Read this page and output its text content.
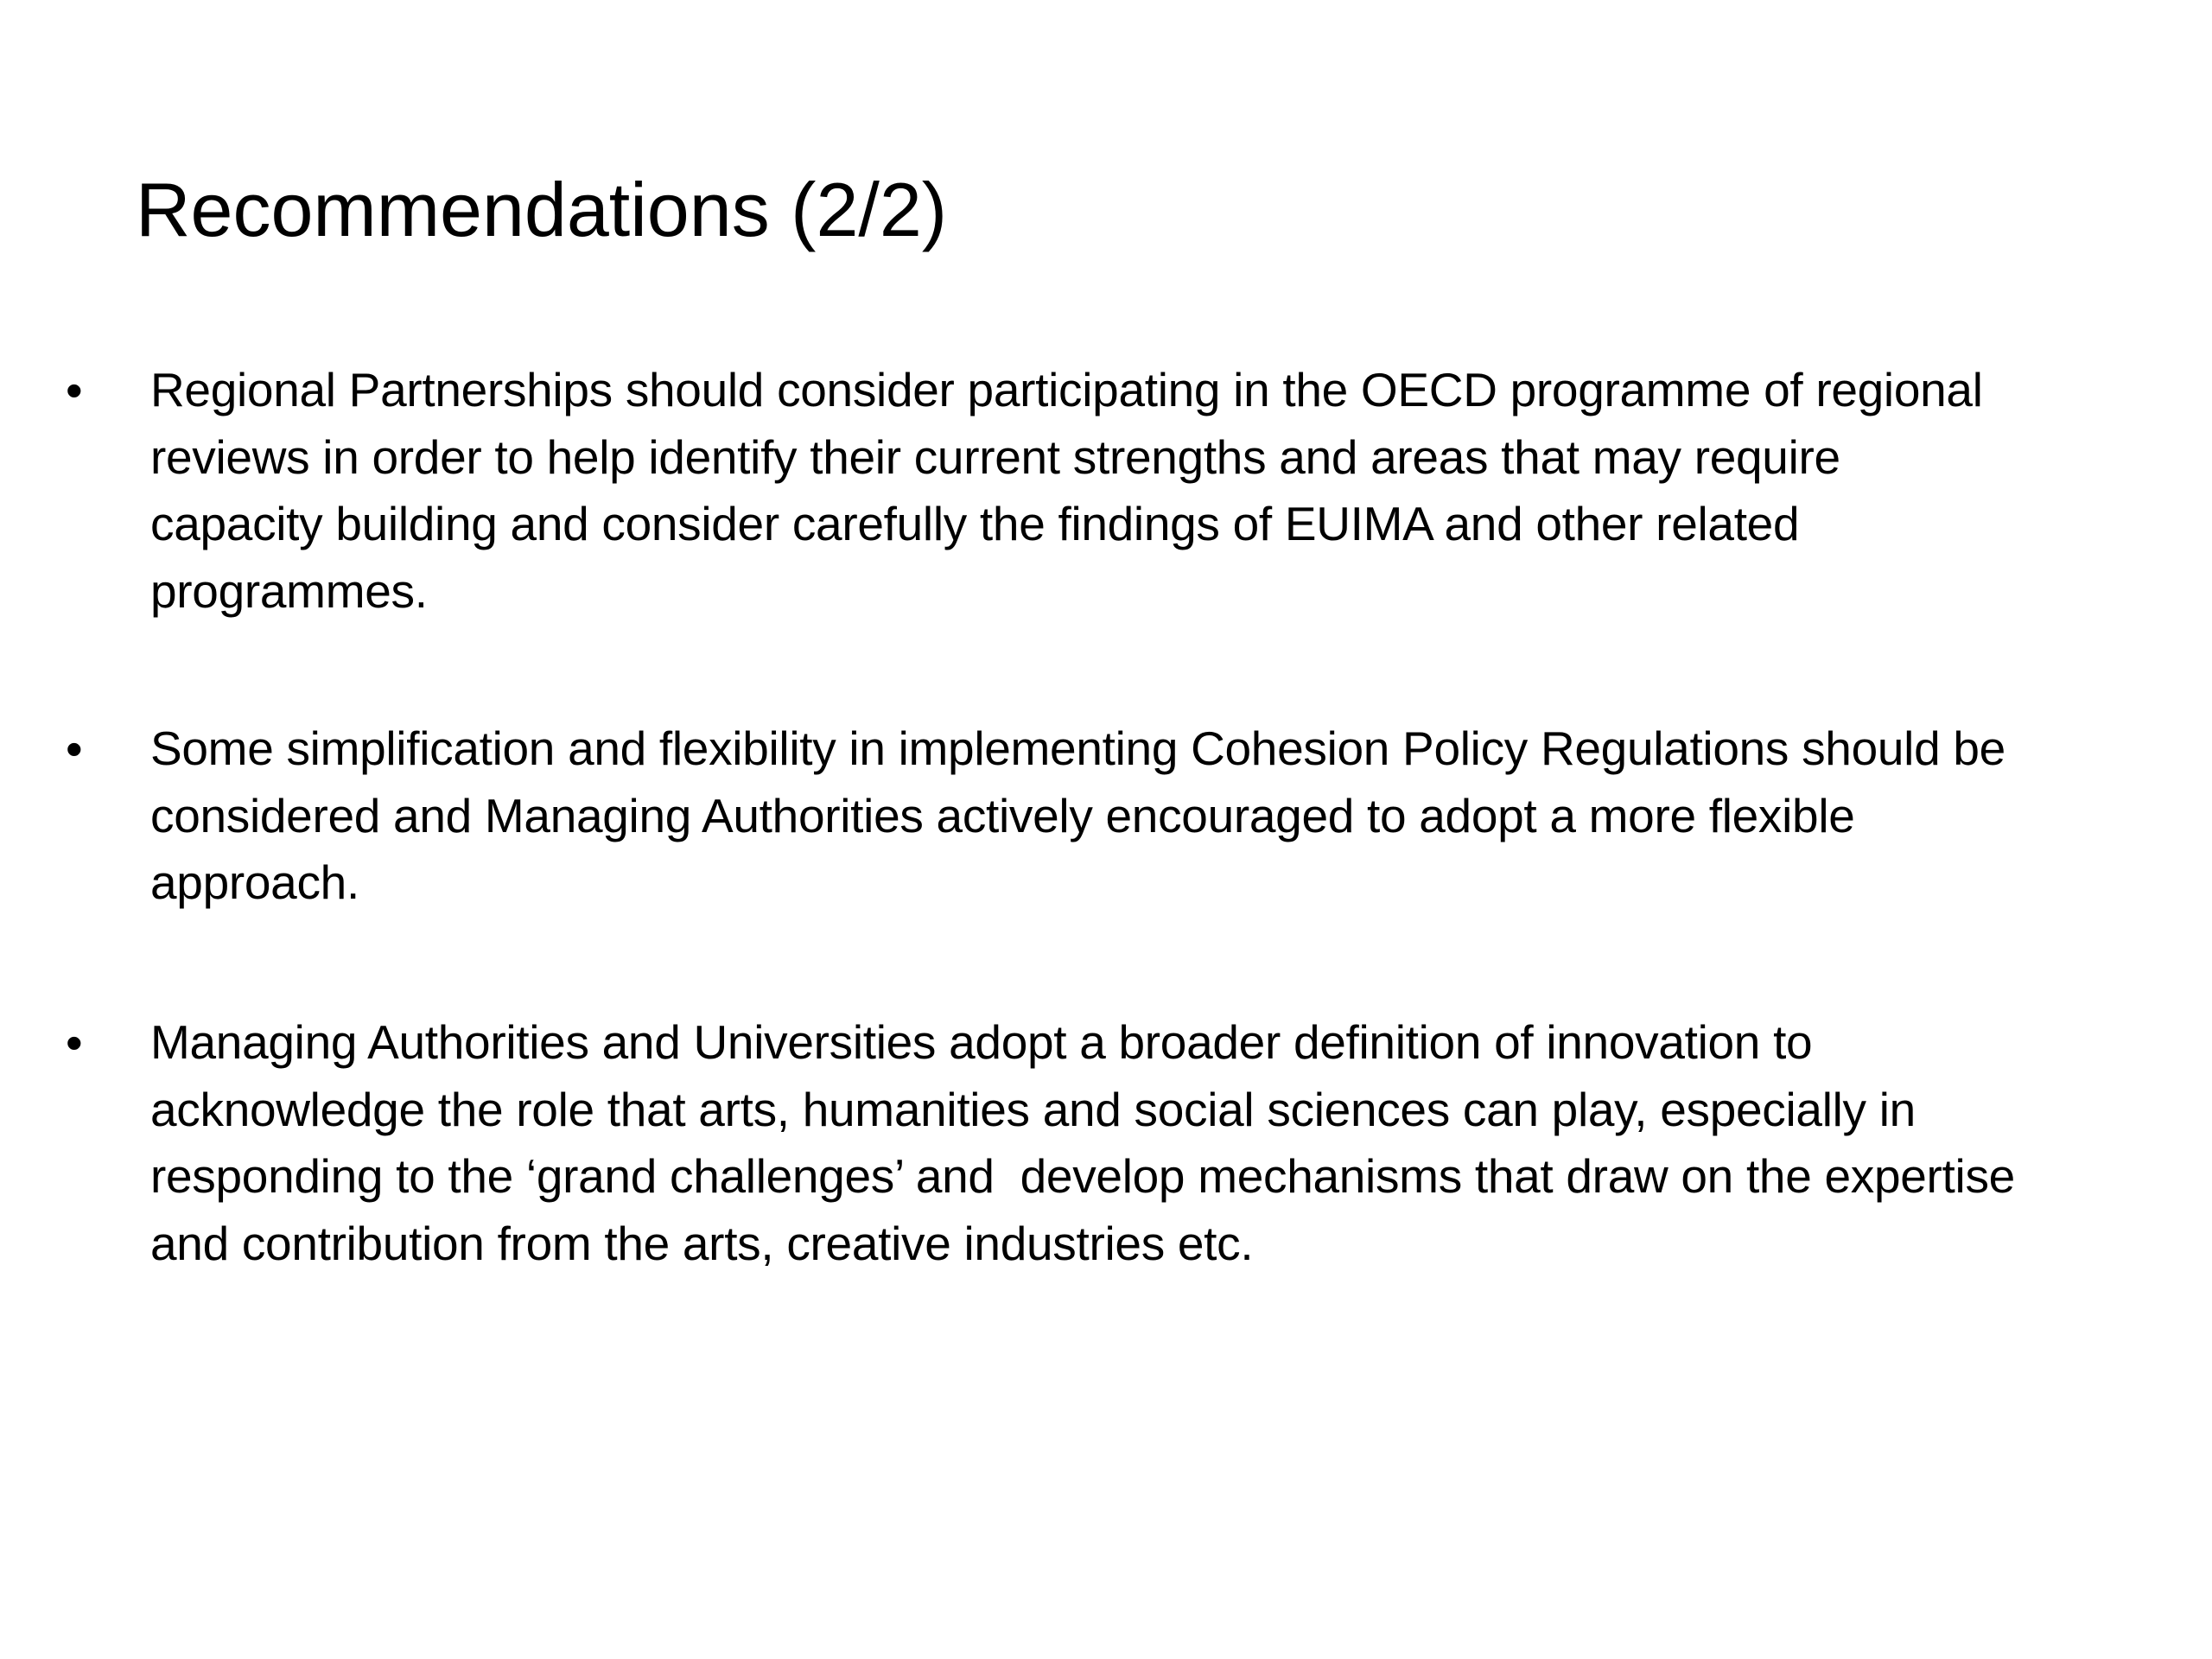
Recommendations (2/2)
• Regional Partnerships should consider participating in the OECD programme of regional
reviews in order to help identify their current strengths and areas that may require
capacity building and consider carefully the findings of EUIMA and other related
programmes.
• Some simplification and flexibility in implementing Cohesion Policy Regulations should be
considered and Managing Authorities actively encouraged to adopt a more flexible
approach.
• Managing Authorities and Universities adopt a broader definition of innovation to
acknowledge the role that arts, humanities and social sciences can play, especially in
responding to the ‘grand challenges’ and  develop mechanisms that draw on the expertise
and contribution from the arts, creative industries etc.
